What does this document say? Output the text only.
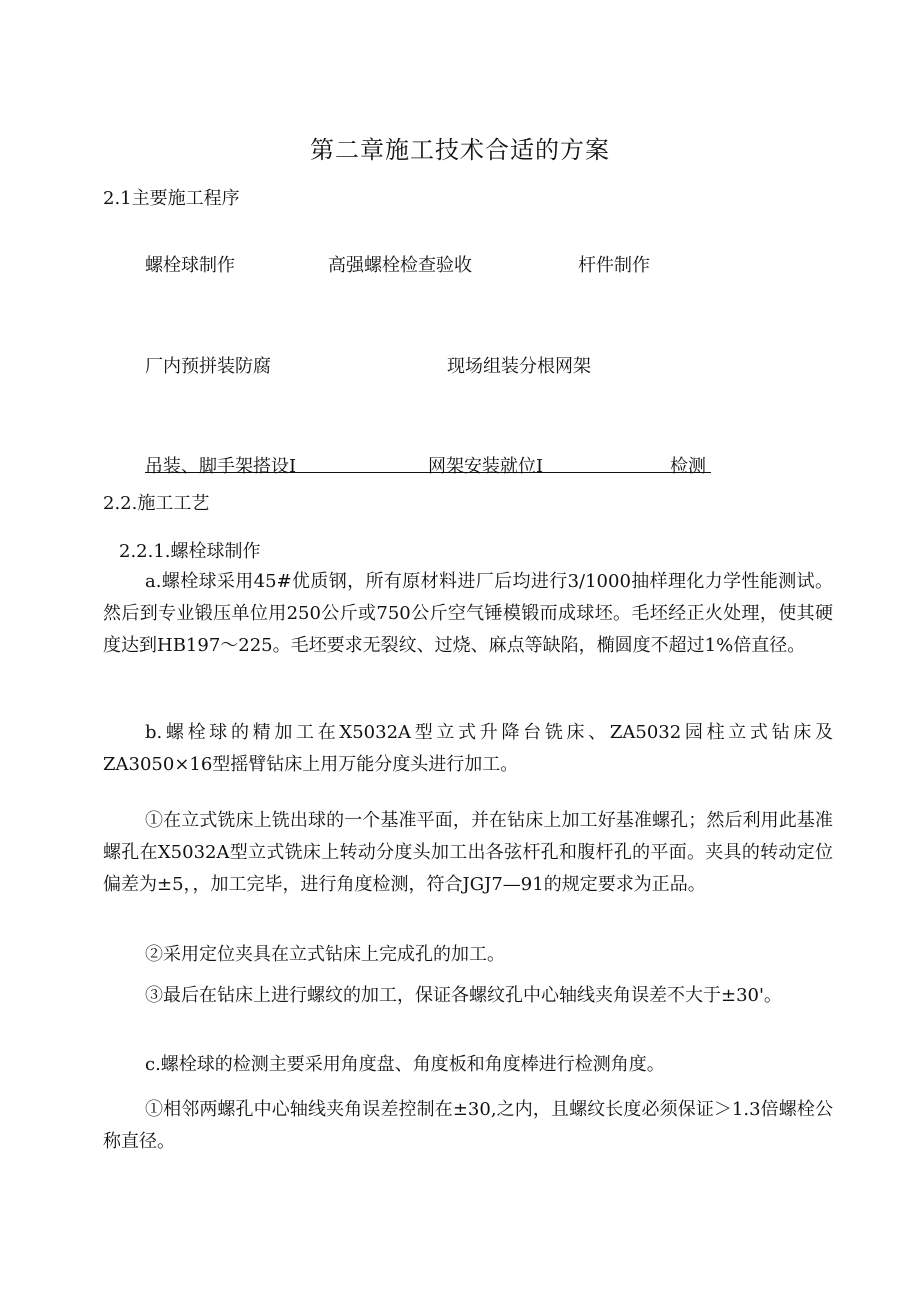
第二章施工技术合适的方案
2.1主要施工程序
螺栓球制作	高强螺栓检查验收	杆件制作
厂内预拼装防腐	现场组装分根网架
吊装、脚手架搭设I	网架安装就位I	检测
2.2.施工工艺
2.2.1.螺栓球制作

a.螺栓球采用45#优质钢，所有原材料进厂后均进行3/1000抽样理化力学性能测试。然后到专业锻压单位用250公斤或750公斤空气锤模锻而成球坯。毛坯经正火处理，使其硬度达到HB197～225。毛坯要求无裂纹、过烧、麻点等缺陷，椭圆度不超过1%倍直径。

b.螺栓球的精加工在X5032A型立式升降台铣床、ZA5032园柱立式钻床及ZA3050×16型摇臂钻床上用万能分度头进行加工。

①在立式铣床上铣出球的一个基准平面，并在钻床上加工好基准螺孔；然后利用此基准螺孔在X5032A型立式铣床上转动分度头加工出各弦杆孔和腹杆孔的平面。夹具的转动定位偏差为±5，，加工完毕，进行角度检测，符合JGJ7—91的规定要求为正品。

②采用定位夹具在立式钻床上完成孔的加工。

③最后在钻床上进行螺纹的加工，保证各螺纹孔中心轴线夹角误差不大于±30'。

c.螺栓球的检测主要采用角度盘、角度板和角度棒进行检测角度。

①相邻两螺孔中心轴线夹角误差控制在±30,之内，且螺纹长度必须保证＞1.3倍螺栓公称直径。
